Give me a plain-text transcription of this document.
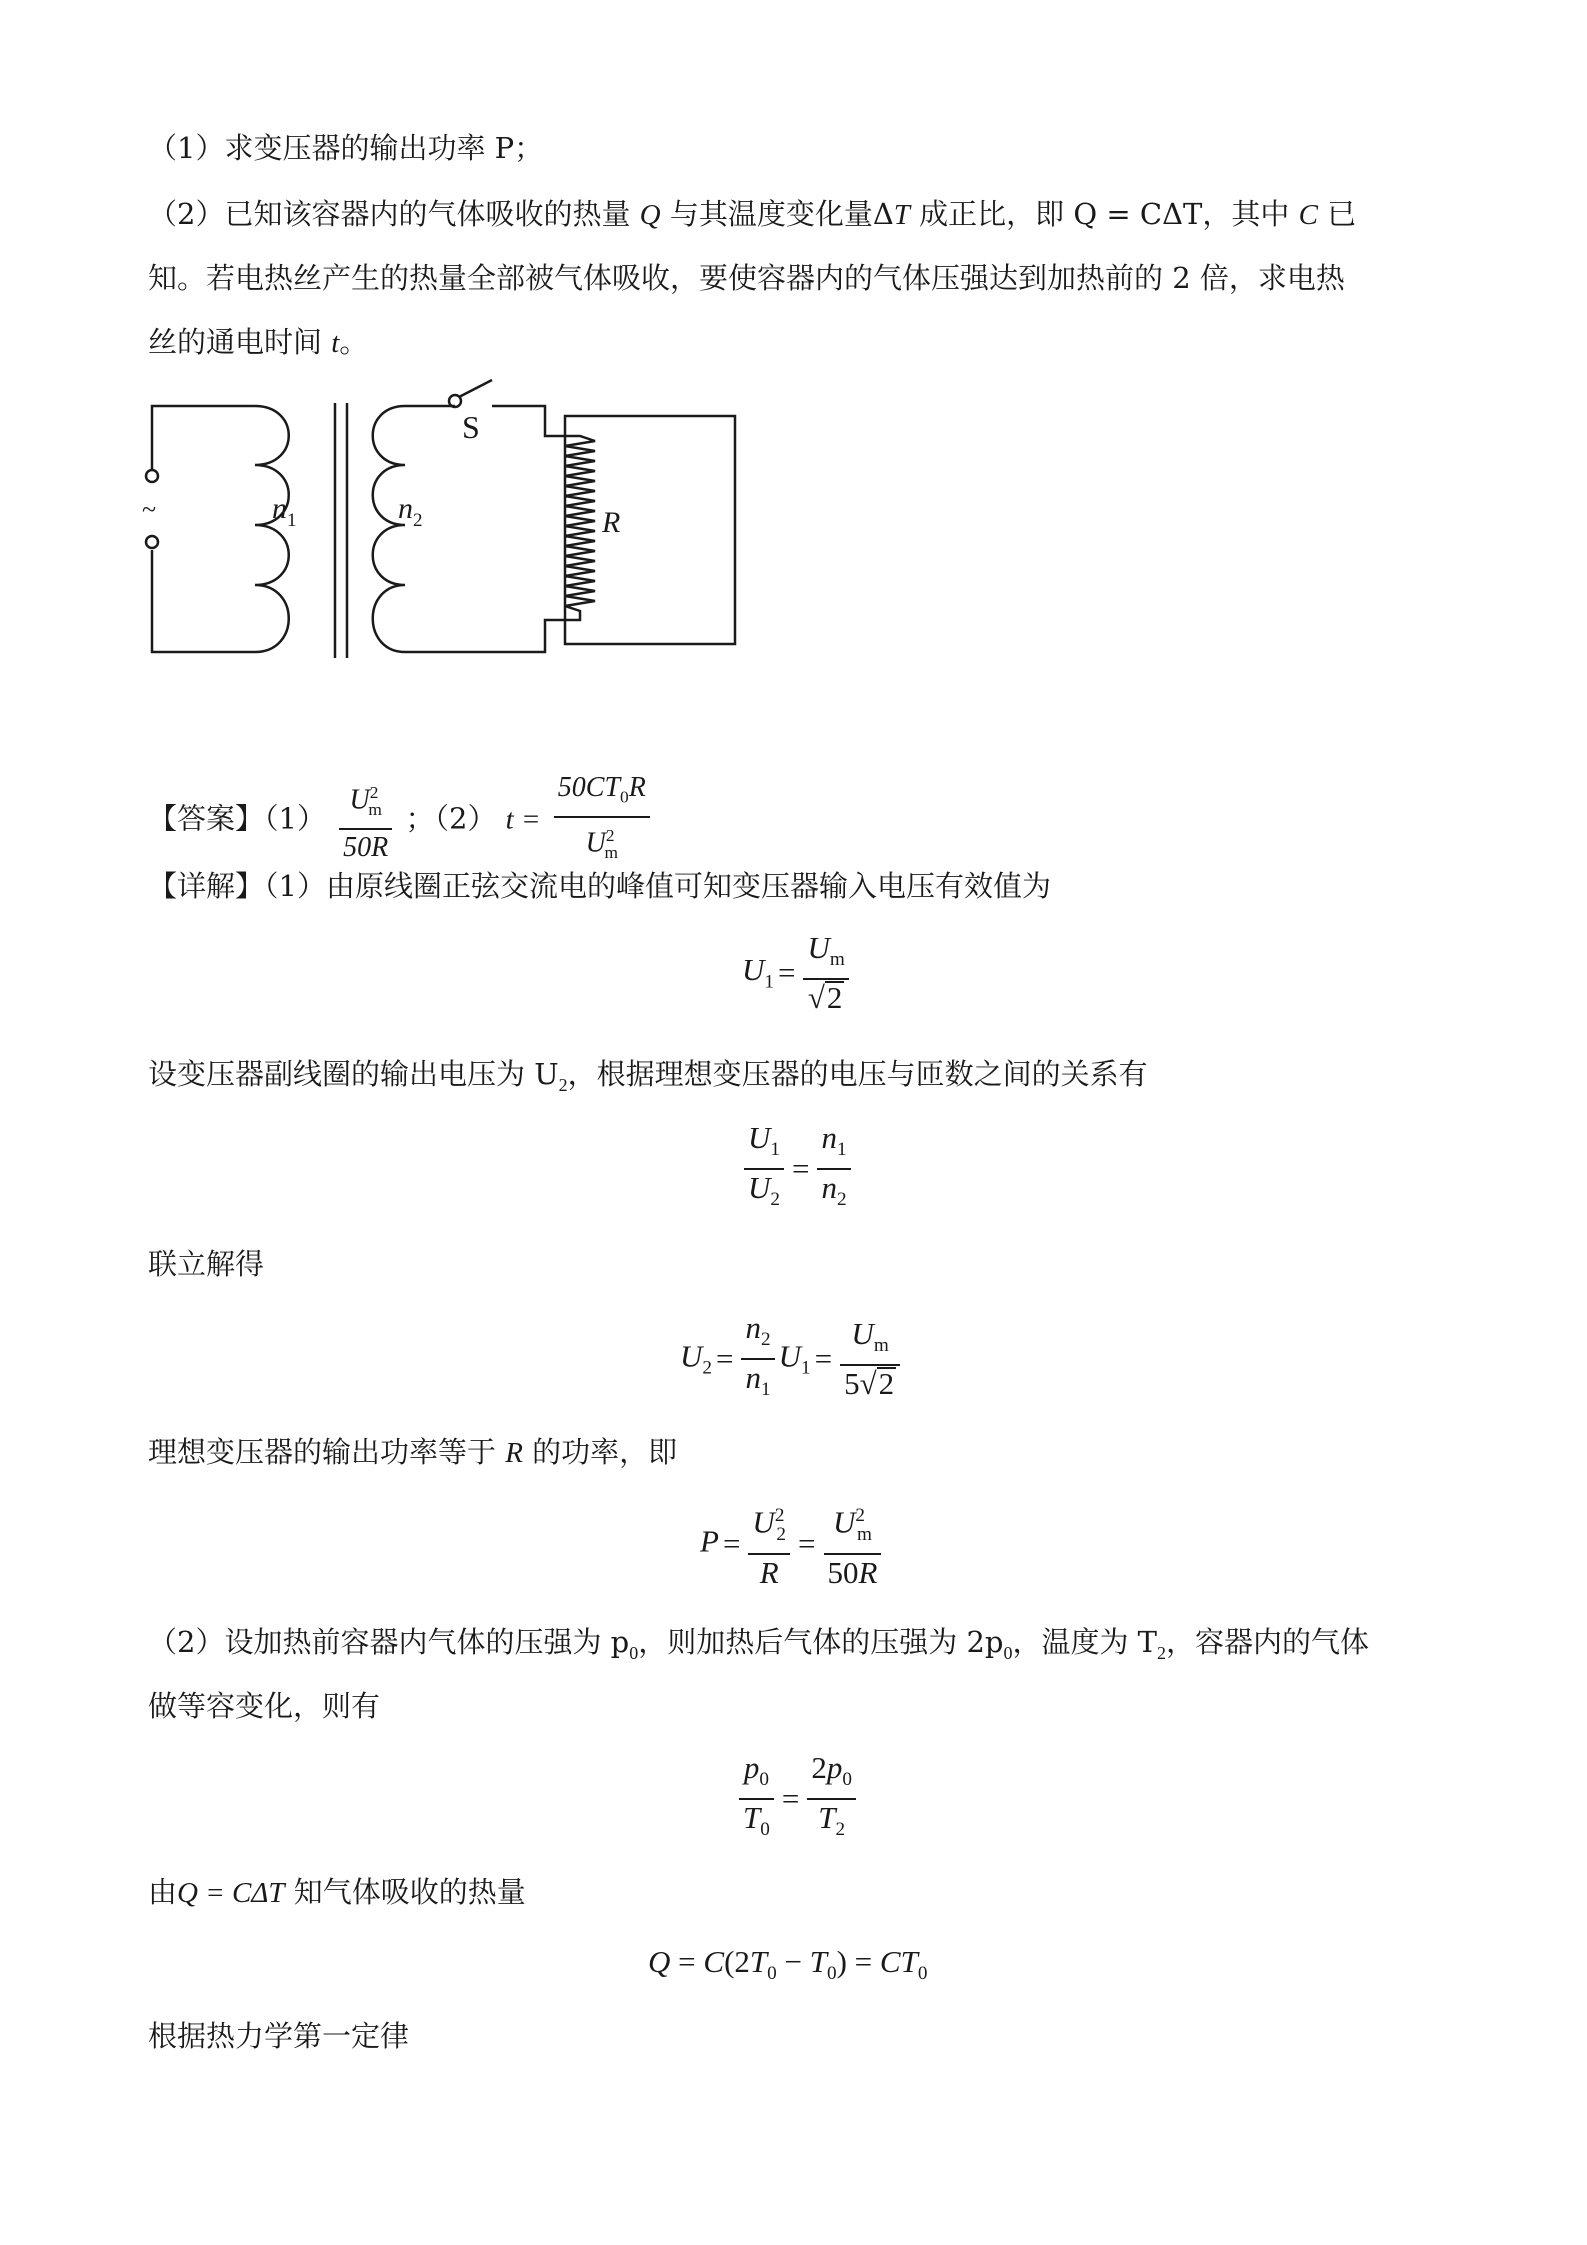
（1）求变压器的输出功率 P；
（2）已知该容器内的气体吸收的热量 Q 与其温度变化量ΔT 成正比，即 Q = CΔT，其中 C 已
知。若电热丝产生的热量全部被气体吸收，要使容器内的气体压强达到加热前的 2 倍，求电热
丝的通电时间 t。
~	$n_1$	$n_2$
S
R
【答案】$(1) \frac{U^2_m}{50R}$ ；（2） $t = \frac{50CT_0R}{U^2_m}$
【详解】（1）由原线圈正弦交流电的峰值可知变压器输入电压有效值为
$U_1 = \frac{U_m}{√2}$
设变压器副线圈的输出电压为 $U_2$，根据理想变压器的电压与匝数之间的关系有
$\frac{U_1}{U_2} = \frac{n_1}{n_2}$
联立解得
$U_2 = \frac{n_2}{n_1} U_1 = \frac{U_m}{5√2}$
理想变压器的输出功率等于 R 的功率，即
$P = \frac{U^2_2}{R} = \frac{U^2_m}{50R}$
（2）设加热前容器内气体的压强为 $p_0$，则加热后气体的压强为 $2p_0$，温度为 $T_2$，容器内的气体
做等容变化，则有
$\frac{p_0}{T_0} = \frac{2p_0}{T_2}$
由Q = CΔT 知气体吸收的热量
$Q = C(2T_0 - T_0) = CT_0$
根据热力学第一定律
